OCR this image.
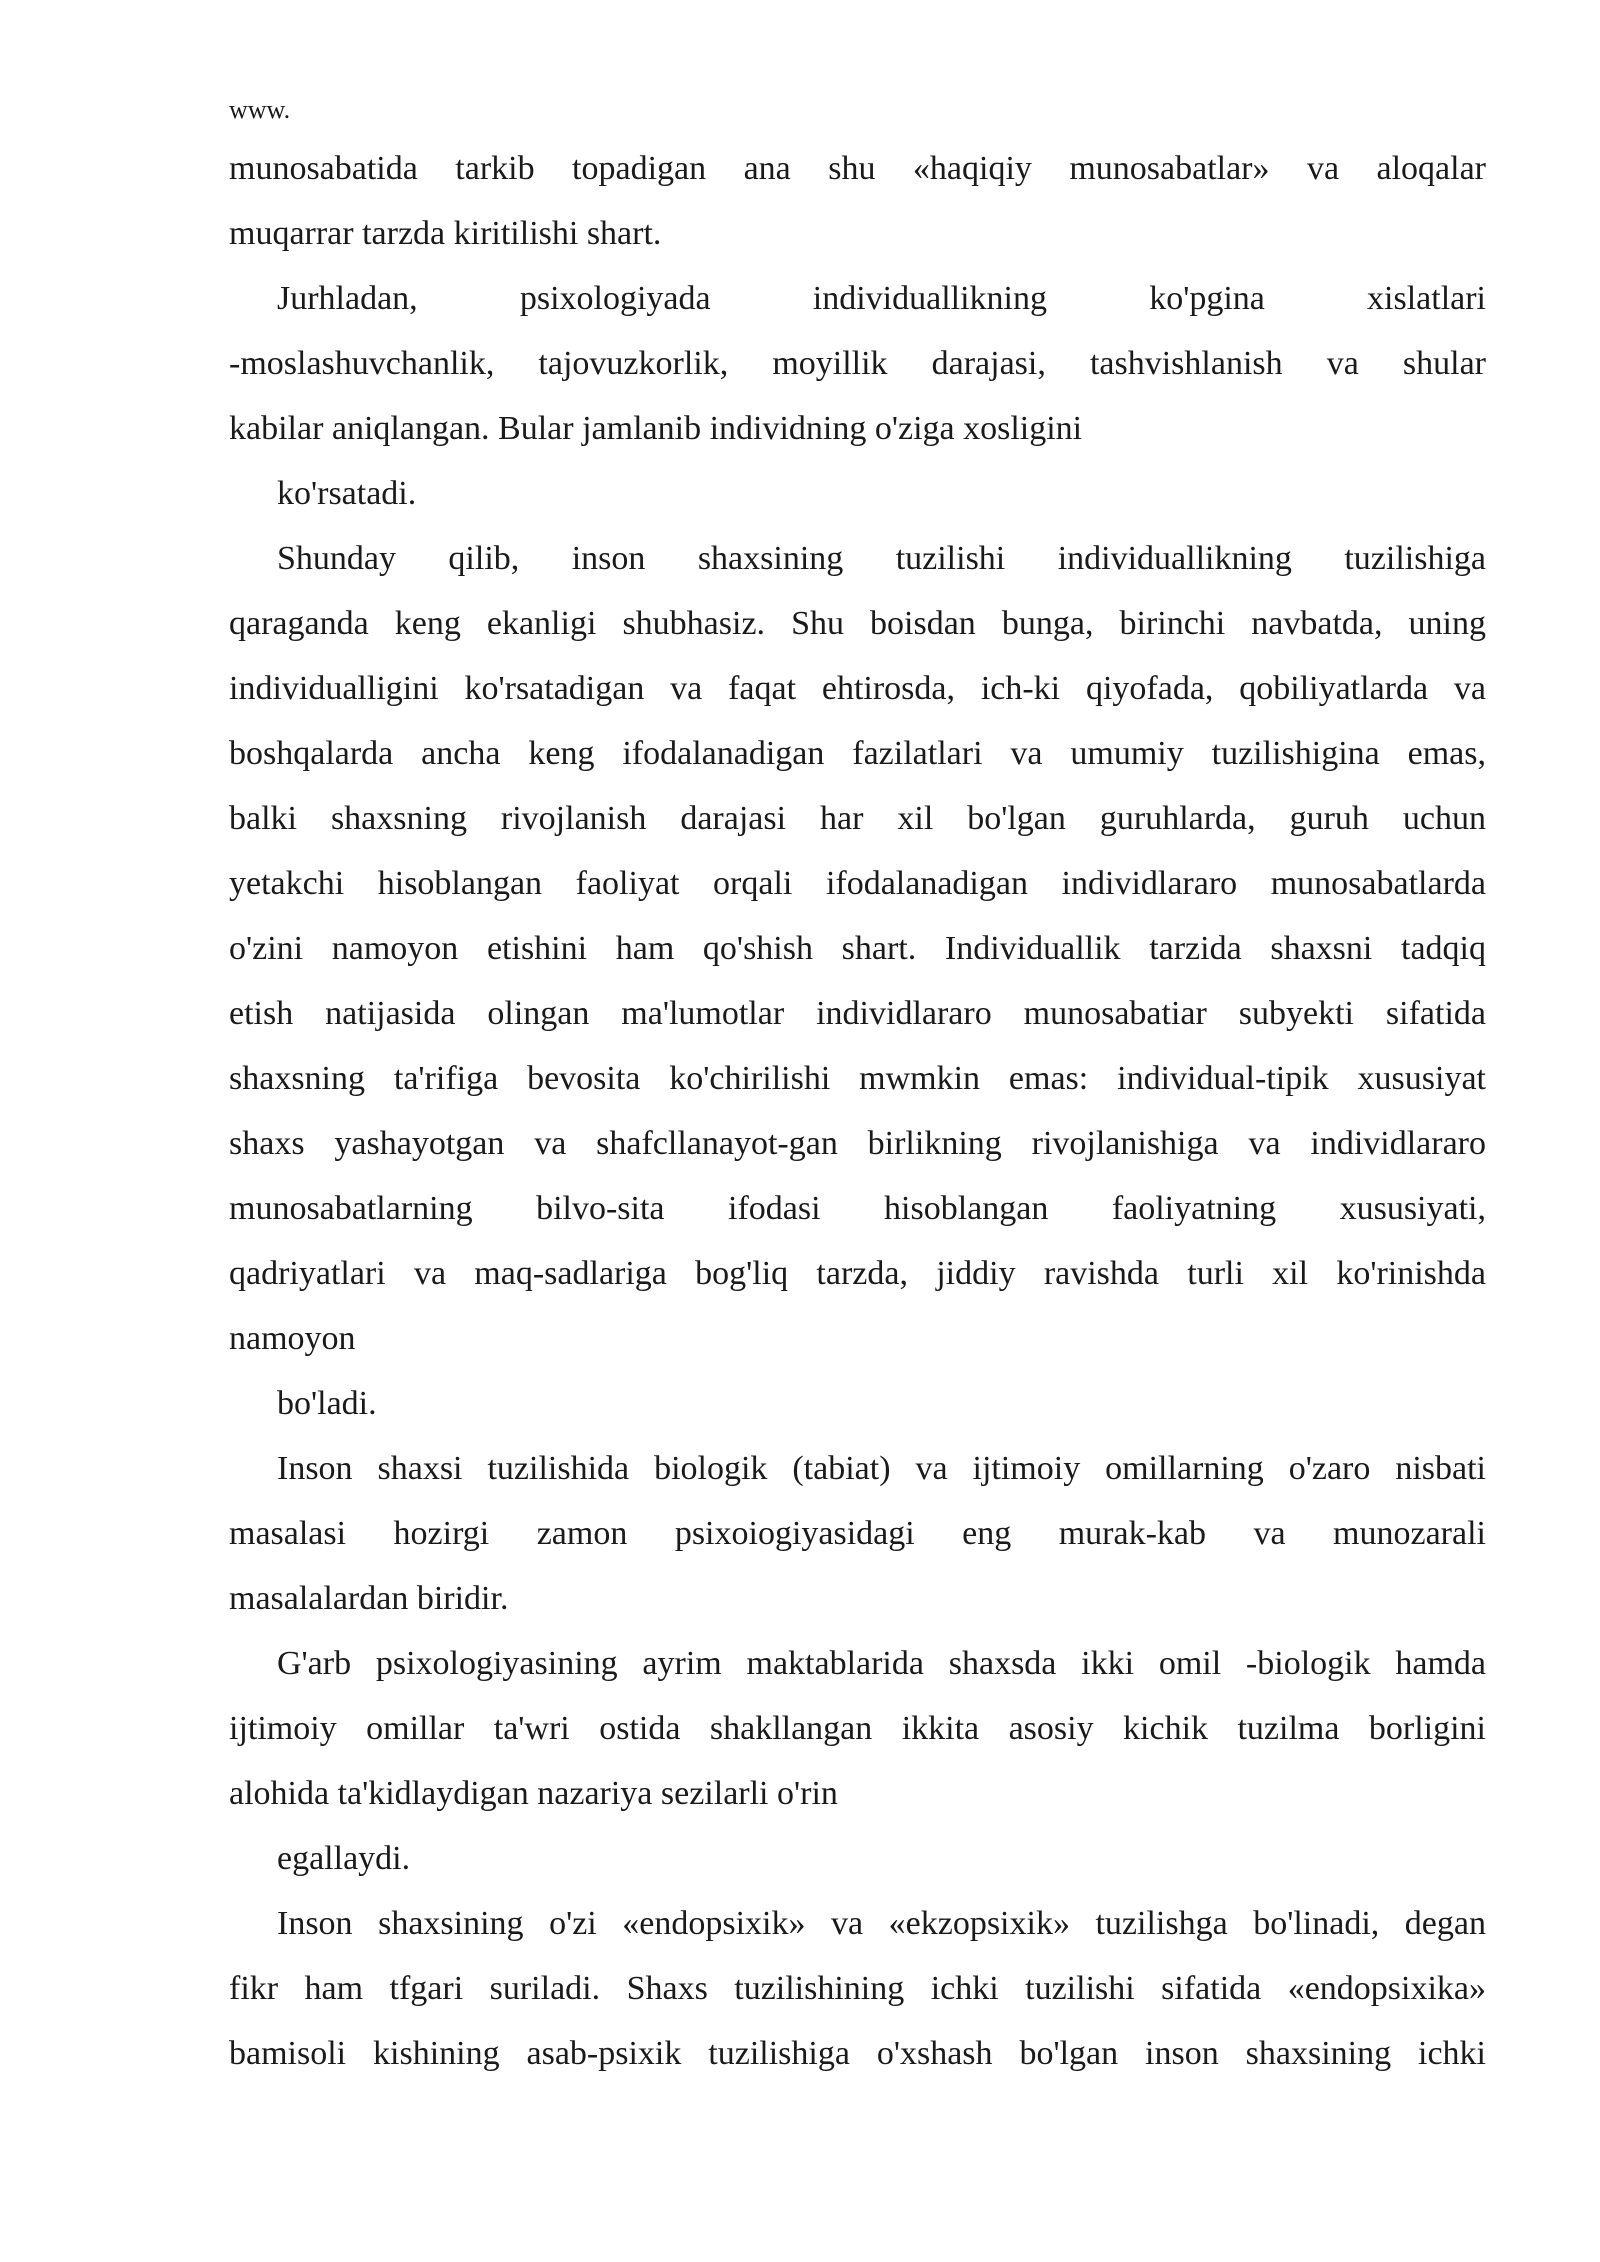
www.
munosabatida tarkib topadigan ana shu «haqiqiy munosabatlar» va aloqalar
muqarrar tarzda kiritilishi shart.
Jurhladan, psixologiyada individuallikning ko'pgina xislatlari
-moslashuvchanlik, tajovuzkorlik, moyillik darajasi, tashvishlanish va shular
kabilar aniqlangan. Bular jamlanib individning o'ziga xosligini
ko'rsatadi.
Shunday qilib, inson shaxsining tuzilishi individuallikning tuzilishiga
qaraganda keng ekanligi shubhasiz. Shu boisdan bunga, birinchi navbatda, uning
individualligini ko'rsatadigan va faqat ehtirosda, ich-ki qiyofada, qobiliyatlarda va
boshqalarda ancha keng ifodalanadigan fazilatlari va umumiy tuzilishigina emas,
balki shaxsning rivojlanish darajasi har xil bo'lgan guruhlarda, guruh uchun
yetakchi hisoblangan faoliyat orqali ifodalanadigan individlararo munosabatlarda
o'zini namoyon etishini ham qo'shish shart. Individuallik tarzida shaxsni tadqiq
etish natijasida olingan ma'lumotlar individlararo munosabatiar subyekti sifatida
shaxsning ta'rifiga bevosita ko'chirilishi mwmkin emas: individual-tipik xususiyat
shaxs yashayotgan va shafcllanayot-gan birlikning rivojlanishiga va individlararo
munosabatlarning bilvo-sita ifodasi hisoblangan faoliyatning xususiyati,
qadriyatlari va maq-sadlariga bog'liq tarzda, jiddiy ravishda turli xil ko'rinishda
namoyon
bo'ladi.
Inson shaxsi tuzilishida biologik (tabiat) va ijtimoiy omillarning o'zaro nisbati
masalasi hozirgi zamon psixoiogiyasidagi eng murak-kab va munozarali
masalalardan biridir.
G'arb psixologiyasining ayrim maktablarida shaxsda ikki omil -biologik hamda
ijtimoiy omillar ta'wri ostida shakllangan ikkita asosiy kichik tuzilma borligini
alohida ta'kidlaydigan nazariya sezilarli o'rin
egallaydi.
Inson shaxsining o'zi «endopsixik» va «ekzopsixik» tuzilishga bo'linadi, degan
fikr ham tfgari suriladi. Shaxs tuzilishining ichki tuzilishi sifatida «endopsixika»
bamisoli kishining asab-psixik tuzilishiga o'xshash bo'lgan inson shaxsining ichki
